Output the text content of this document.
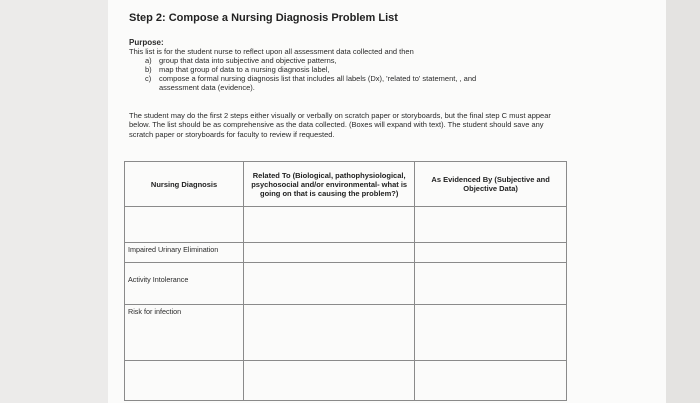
Step 2: Compose a Nursing Diagnosis Problem List
Purpose:
This list is for the student nurse to reflect upon all assessment data collected and then
a) group that data into subjective and objective patterns,
b) map that group of data to a nursing diagnosis label,
c) compose a formal nursing diagnosis list that includes all labels (Dx), 'related to' statement, , and
assessment data (evidence).
The student may do the first 2 steps either visually or verbally on scratch paper or storyboards, but the final step C must appear below. The list should be as comprehensive as the data collected. (Boxes will expand with text). The student should save any scratch paper or storyboards for faculty to review if requested.
Nursing Diagnosis	Related To (Biological, pathophysiological, psychosocial and/or environmental- what is going on that is causing the problem?)	As Evidenced By (Subjective and Objective Data)

Impaired Urinary Elimination		
Activity Intolerance		
Risk for infection		
